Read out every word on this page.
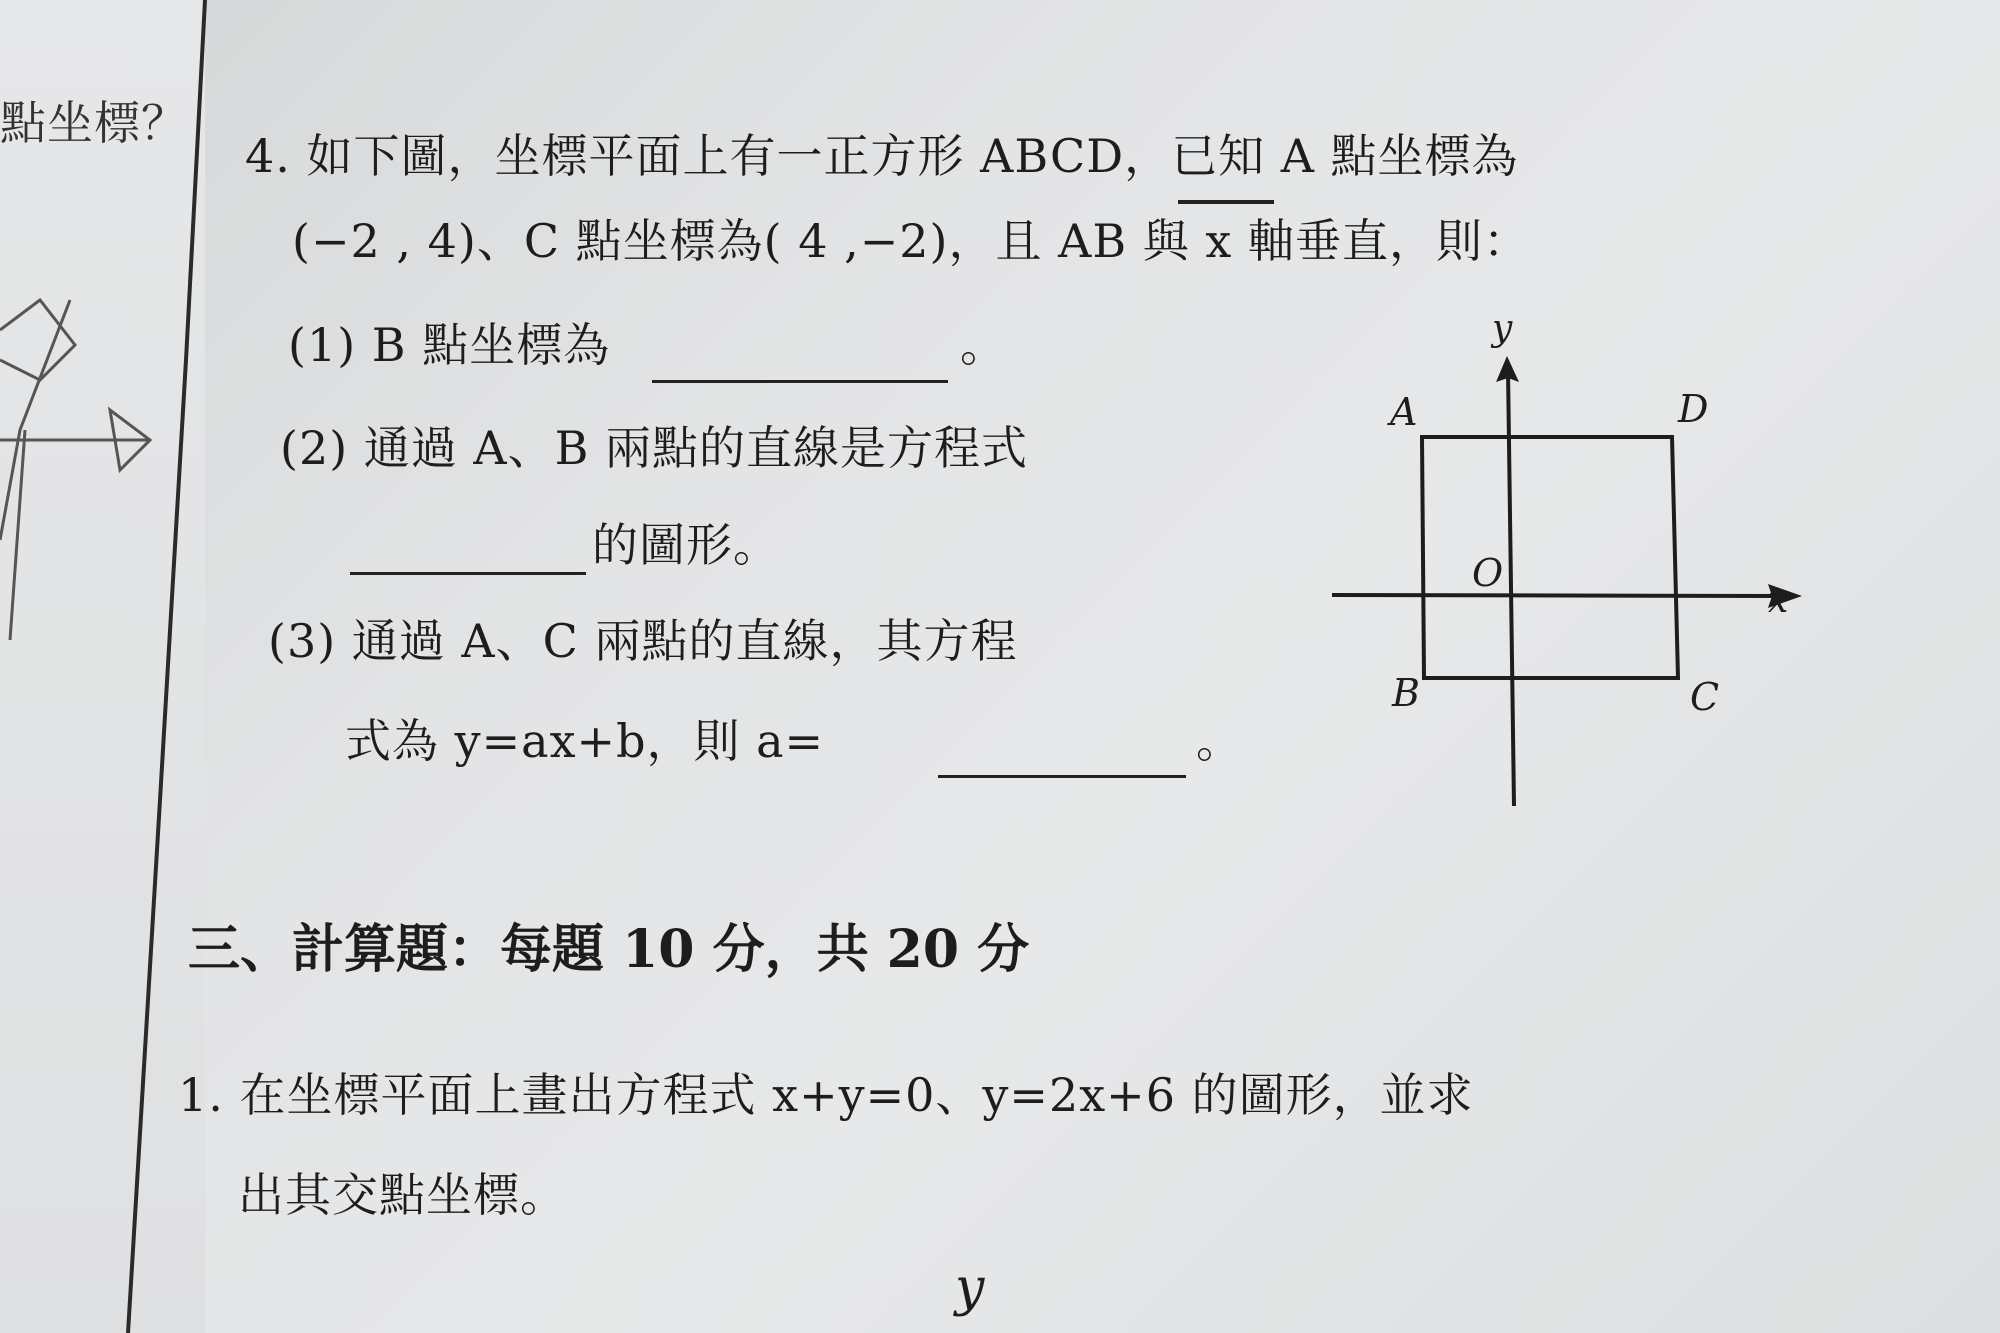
點坐標？
4. 如下圖，坐標平面上有一正方形 ABCD，已知 A 點坐標為
(−2 , 4)、C 點坐標為( 4 ,−2)，且 AB 與 x 軸垂直，則：
(1) B 點坐標為	。
(2) 通過 A、B 兩點的直線是方程式
的圖形。
(3) 通過 A、C 兩點的直線，其方程
式為 y=ax+b，則 a=	。
y
x
O
A	D
B	C
三、計算題：每題 10 分，共 20 分
1. 在坐標平面上畫出方程式 x+y=0、y=2x+6 的圖形，並求
出其交點坐標。
y
